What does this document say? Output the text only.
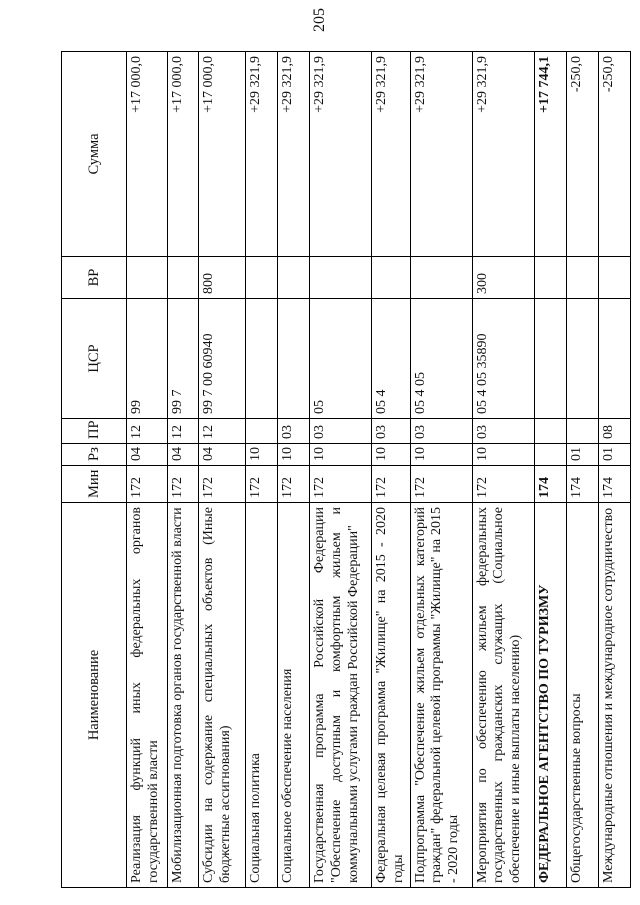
205
Наименование	Мин	Рз	ПР	ЦСР	ВР	Сумма
Реализация функций иных федеральных органов государственной власти	172	04	12	99		+17 000,0
Мобилизационная подготовка органов государственной власти	172	04	12	99 7		+17 000,0
Субсидии на содержание специальных объектов (Иные бюджетные ассигнования)	172	04	12	99 7 00 60940	800	+17 000,0
Социальная политика	172	10				+29 321,9
Социальное обеспечение населения	172	10	03			+29 321,9
Государственная программа Российской Федерации "Обеспечение доступным и комфортным жильем и коммунальными услугами граждан Российской Федерации"	172	10	03	05		+29 321,9
Федеральная целевая программа "Жилище" на 2015 - 2020 годы	172	10	03	05 4		+29 321,9
Подпрограмма "Обеспечение жильем отдельных категорий граждан" федеральной целевой программы "Жилище" на 2015 - 2020 годы	172	10	03	05 4 05		+29 321,9
Мероприятия по обеспечению жильем федеральных государственных гражданских служащих (Социальное обеспечение и иные выплаты населению)	172	10	03	05 4 05 35890	300	+29 321,9
ФЕДЕРАЛЬНОЕ АГЕНТСТВО ПО ТУРИЗМУ	174					+17 744,1
Общегосударственные вопросы	174	01				-250,0
Международные отношения и международное сотрудничество	174	01	08			-250,0
